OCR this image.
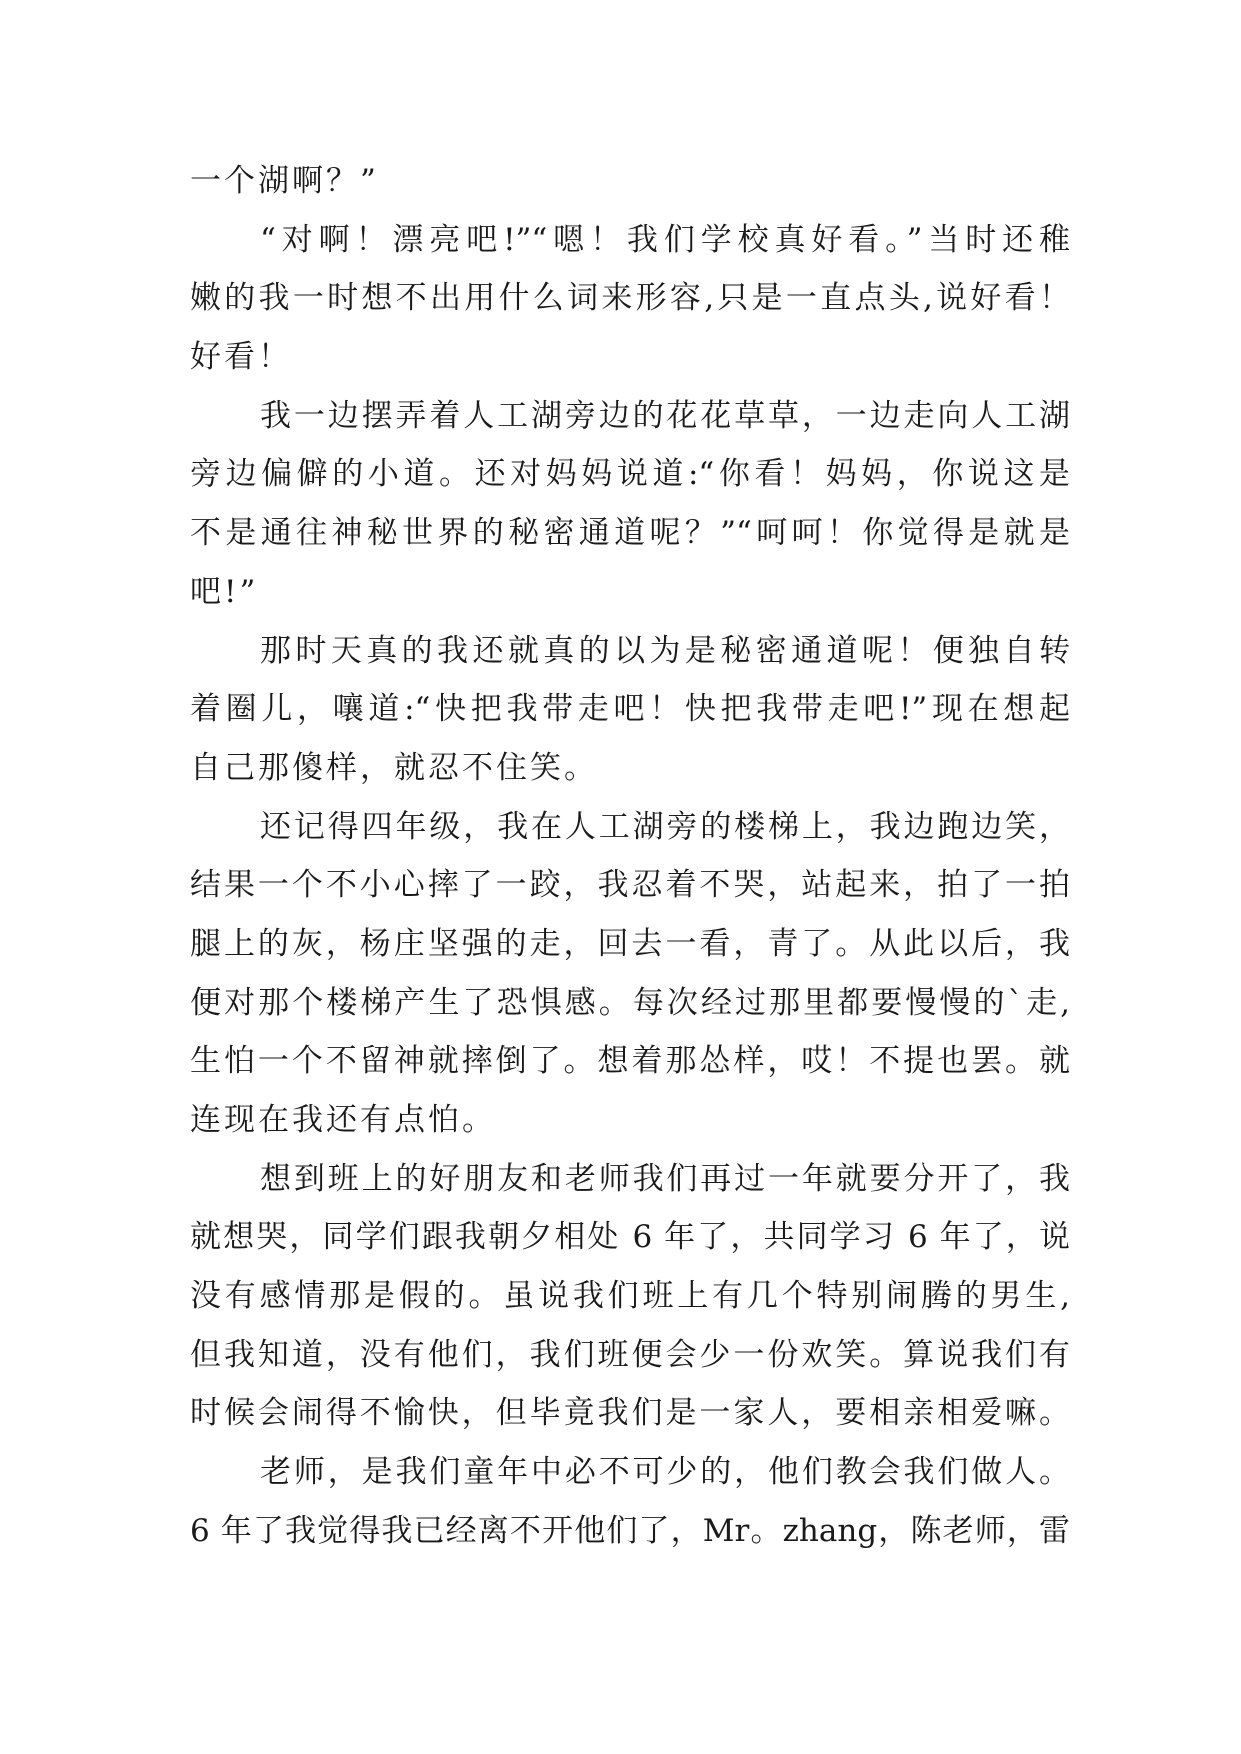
一个湖啊？”
“对啊！漂亮吧!”“嗯！我们学校真好看。”当时还稚
嫩的我一时想不出用什么词来形容,只是一直点头,说好看！
好看！
我一边摆弄着人工湖旁边的花花草草，一边走向人工湖
旁边偏僻的小道。还对妈妈说道:“你看！妈妈，你说这是
不是通往神秘世界的秘密通道呢？”“呵呵！你觉得是就是
吧!”
那时天真的我还就真的以为是秘密通道呢！便独自转
着圈儿，嚷道:“快把我带走吧！快把我带走吧!”现在想起
自己那傻样，就忍不住笑。
还记得四年级，我在人工湖旁的楼梯上，我边跑边笑，
结果一个不小心摔了一跤，我忍着不哭，站起来，拍了一拍
腿上的灰，杨庄坚强的走，回去一看，青了。从此以后，我
便对那个楼梯产生了恐惧感。每次经过那里都要慢慢的`走,
生怕一个不留神就摔倒了。想着那怂样，哎！不提也罢。就
连现在我还有点怕。
想到班上的好朋友和老师我们再过一年就要分开了，我
就想哭，同学们跟我朝夕相处 6 年了，共同学习 6 年了，说
没有感情那是假的。虽说我们班上有几个特别闹腾的男生,
但我知道，没有他们，我们班便会少一份欢笑。算说我们有
时候会闹得不愉快，但毕竟我们是一家人，要相亲相爱嘛。
老师，是我们童年中必不可少的，他们教会我们做人。
6 年了我觉得我已经离不开他们了，Mr。zhang，陈老师，雷
